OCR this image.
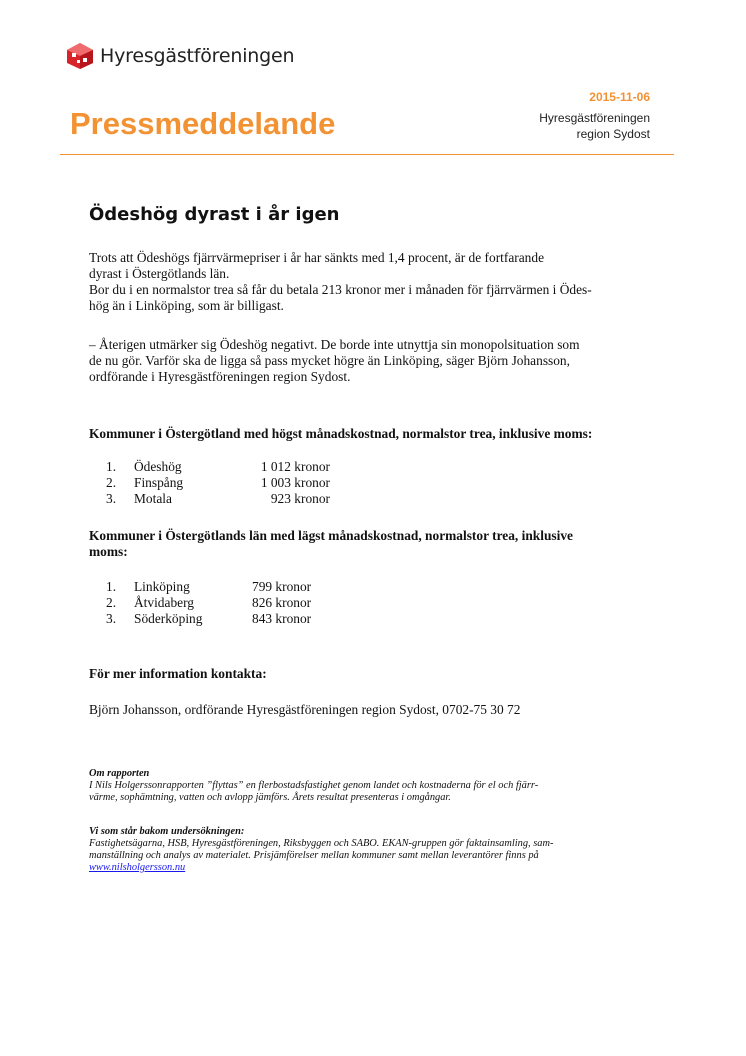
Hyresgästföreningen
Pressmeddelande
2015-11-06
Hyresgästföreningen
region Sydost
Ödeshög dyrast i år igen
Trots att Ödeshögs fjärrvärmepriser i år har sänkts med 1,4 procent, är de fortfarande
dyrast i Östergötlands län.
Bor du i en normalstor trea så får du betala 213 kronor mer i månaden för fjärrvärmen i Ödes-
hög än i Linköping, som är billigast.
– Återigen utmärker sig Ödeshög negativt. De borde inte utnyttja sin monopolsituation som
de nu gör. Varför ska de ligga så pass mycket högre än Linköping, säger Björn Johansson,
ordförande i Hyresgästföreningen region Sydost.
Kommuner i Östergötland med högst månadskostnad, normalstor trea, inklusive moms:
1.	Ödeshög	1 012 kronor
2.	Finspång	1 003 kronor
3.	Motala	923 kronor
Kommuner i Östergötlands län med lägst månadskostnad, normalstor trea, inklusive
moms:
1.	Linköping	799 kronor
2.	Åtvidaberg	826 kronor
3.	Söderköping	843 kronor
För mer information kontakta:
Björn Johansson, ordförande Hyresgästföreningen region Sydost, 0702-75 30 72
Om rapporten
I Nils Holgerssonrapporten ”flyttas” en flerbostadsfastighet genom landet och kostnaderna för el och fjärr-
värme, sophämtning, vatten och avlopp jämförs. Årets resultat presenteras i omgångar.
Vi som står bakom undersökningen:
Fastighetsägarna, HSB, Hyresgästföreningen, Riksbyggen och SABO. EKAN-gruppen gör faktainsamling, sam-
manställning och analys av materialet. Prisjämförelser mellan kommuner samt mellan leverantörer finns på
www.nilsholgersson.nu
